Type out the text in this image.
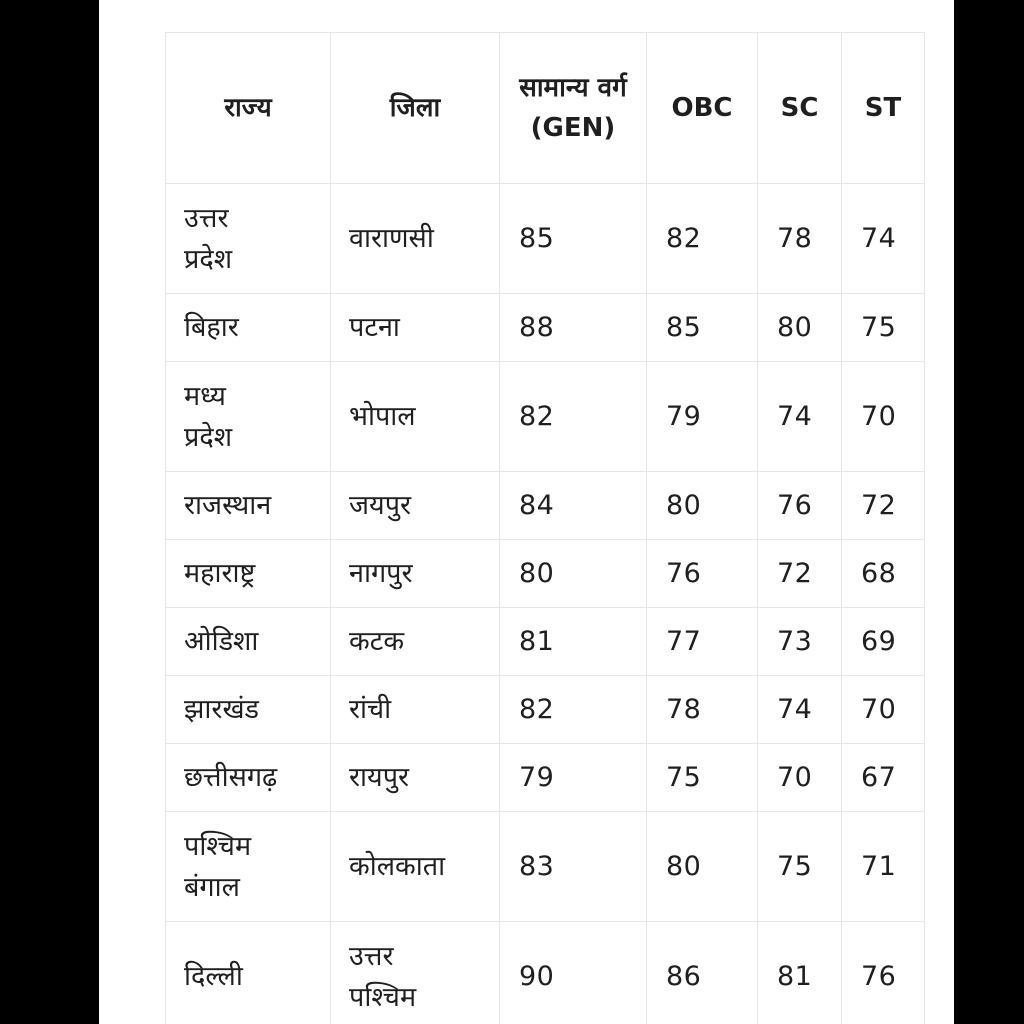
राज्य	जिला	सामान्य वर्ग (GEN)	OBC	SC	ST
उत्तर प्रदेश	वाराणसी	85	82	78	74
बिहार	पटना	88	85	80	75
मध्य प्रदेश	भोपाल	82	79	74	70
राजस्थान	जयपुर	84	80	76	72
महाराष्ट्र	नागपुर	80	76	72	68
ओडिशा	कटक	81	77	73	69
झारखंड	रांची	82	78	74	70
छत्तीसगढ़	रायपुर	79	75	70	67
पश्चिम बंगाल	कोलकाता	83	80	75	71
दिल्ली	उत्तर पश्चिम	90	86	81	76
